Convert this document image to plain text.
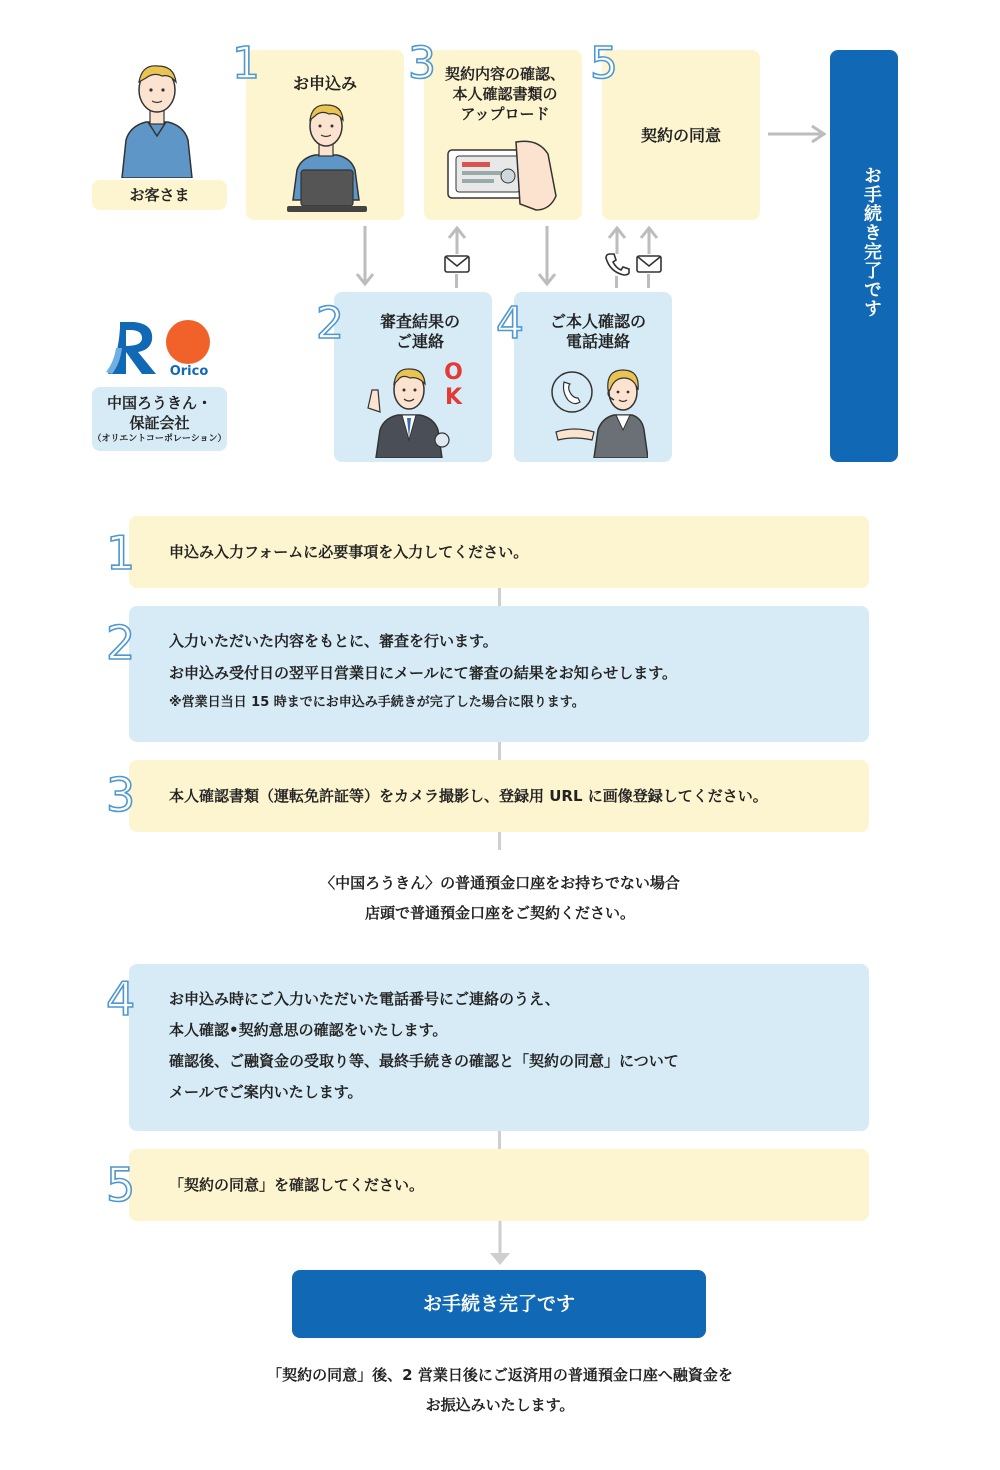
お客さま
1	お申込み	3 契約内容の確認、
本人確認書類の
アップロード
5
契約の同意
お手続き完了です
2	審査結果の
ご連絡
OK
4	ご本人確認の
電話連絡
Orico
中国ろうきん・
保証会社
（オリエントコーポレーション）
申込み入力フォームに必要事項を入力してください。
1
入力いただいた内容をもとに、審査を行います。
お申込み受付日の翌平日営業日にメールにて審査の結果をお知らせします。
※営業日当日 15 時までにお申込み手続きが完了した場合に限ります。
2
本人確認書類（運転免許証等）をカメラ撮影し、登録用 URL に画像登録してください。
3
〈中国ろうきん〉の普通預金口座をお持ちでない場合
店頭で普通預金口座をご契約ください。
お申込み時にご入力いただいた電話番号にご連絡のうえ、
本人確認•契約意思の確認をいたします。
確認後、ご融資金の受取り等、最終手続きの確認と「契約の同意」について
メールでご案内いたします。
4
「契約の同意」を確認してください。
5
お手続き完了です
「契約の同意」後、2 営業日後にご返済用の普通預金口座へ融資金を
お振込みいたします。
